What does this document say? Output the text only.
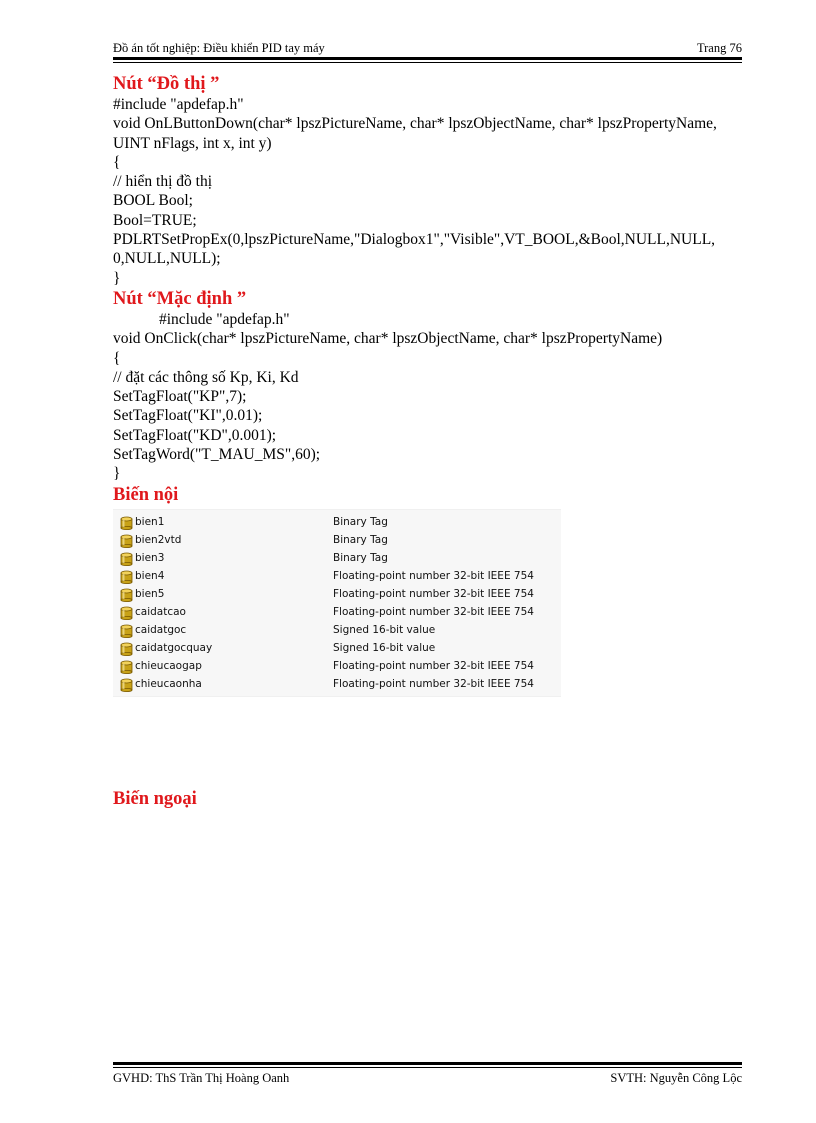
Đồ án tốt nghiệp: Điều khiển PID tay máy	Trang 76
Nút “Đồ thị ”
#include "apdefap.h"
void OnLButtonDown(char* lpszPictureName, char* lpszObjectName, char* lpszPropertyName,
UINT nFlags, int x, int y)
{
// hiển thị đồ thị
BOOL Bool;
Bool=TRUE;
PDLRTSetPropEx(0,lpszPictureName,"Dialogbox1","Visible",VT_BOOL,&Bool,NULL,NULL,
0,NULL,NULL);
}
Nút “Mặc định ”
#include "apdefap.h"
void OnClick(char* lpszPictureName, char* lpszObjectName, char* lpszPropertyName)
{
// đặt các thông số Kp, Ki, Kd
SetTagFloat("KP",7);
SetTagFloat("KI",0.01);
SetTagFloat("KD",0.001);
SetTagWord("T_MAU_MS",60);
}
Biến nội
bien1	Binary Tag
bien2vtd	Binary Tag
bien3	Binary Tag
bien4	Floating-point number 32-bit IEEE 754
bien5	Floating-point number 32-bit IEEE 754
caidatcao	Floating-point number 32-bit IEEE 754
caidatgoc	Signed 16-bit value
caidatgocquay	Signed 16-bit value
chieucaogap	Floating-point number 32-bit IEEE 754
chieucaonha	Floating-point number 32-bit IEEE 754
Biến ngoại
GVHD: ThS Trần Thị Hoàng Oanh	SVTH: Nguyễn Công Lộc
